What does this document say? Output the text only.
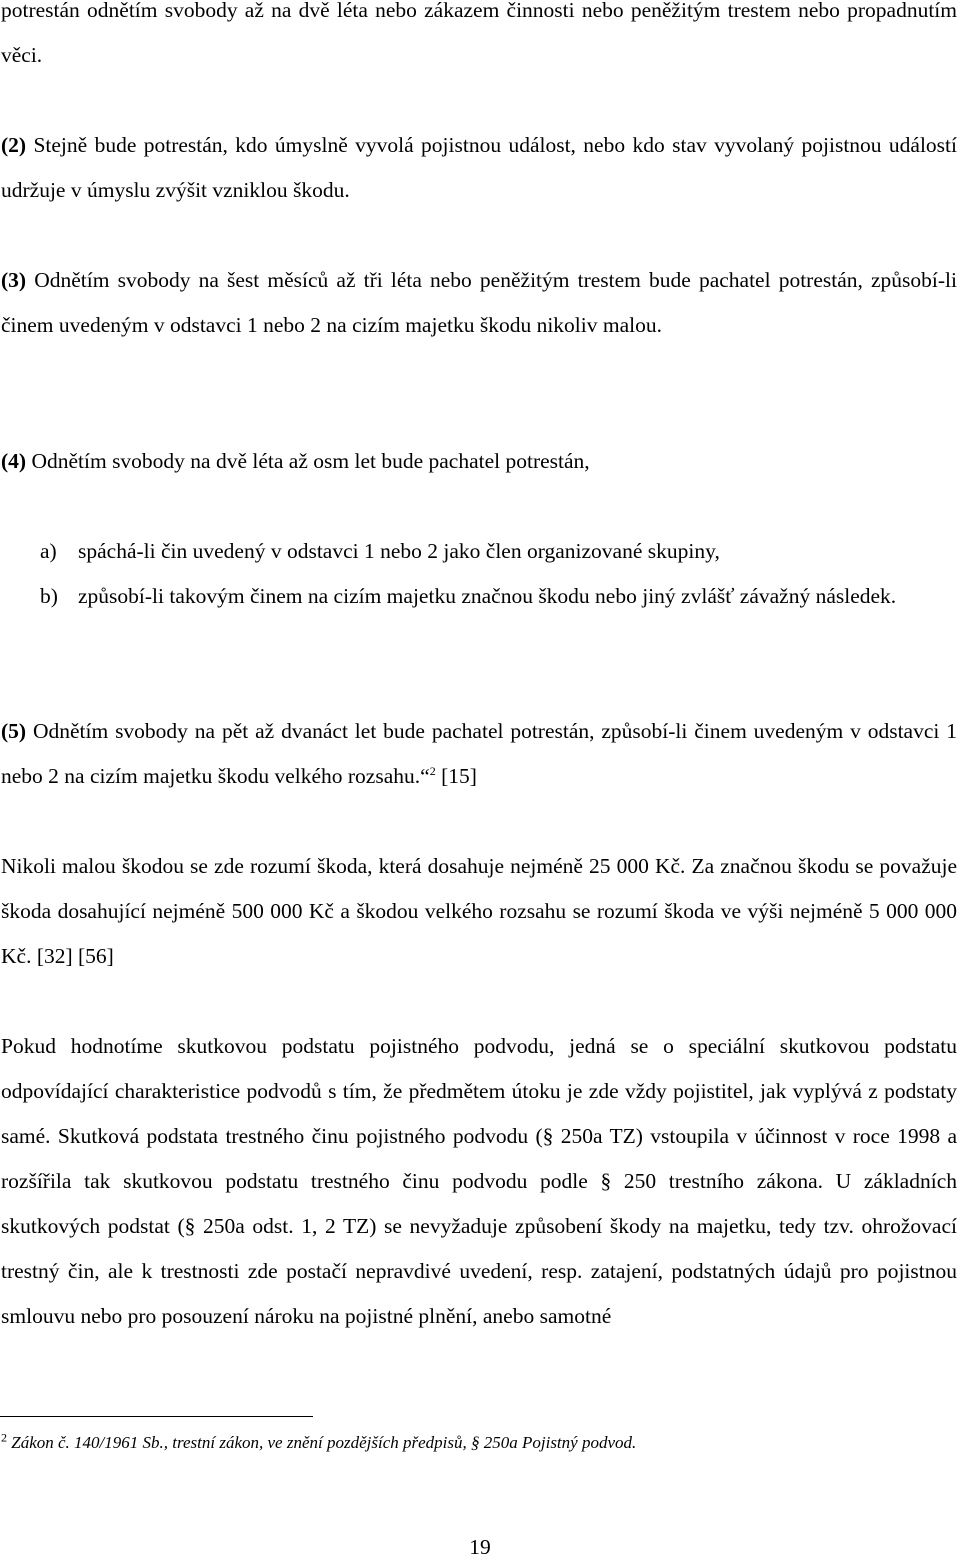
potrestán odnětím svobody až na dvě léta nebo zákazem činnosti nebo peněžitým trestem nebo propadnutím věci.

(2) Stejně bude potrestán, kdo úmyslně vyvolá pojistnou událost, nebo kdo stav vyvolaný pojistnou událostí udržuje v úmyslu zvýšit vzniklou škodu.

(3) Odnětím svobody na šest měsíců až tři léta nebo peněžitým trestem bude pachatel potrestán, způsobí-li činem uvedeným v odstavci 1 nebo 2 na cizím majetku škodu nikoliv malou.

(4) Odnětím svobody na dvě léta až osm let bude pachatel potrestán,

a) spáchá-li čin uvedený v odstavci 1 nebo 2 jako člen organizované skupiny,
b) způsobí-li takovým činem na cizím majetku značnou škodu nebo jiný zvlášť závažný následek.

(5) Odnětím svobody na pět až dvanáct let bude pachatel potrestán, způsobí-li činem uvedeným v odstavci 1 nebo 2 na cizím majetku škodu velkého rozsahu.“$^2$ [15]

Nikoli malou škodou se zde rozumí škoda, která dosahuje nejméně 25 000 Kč. Za značnou škodu se považuje škoda dosahující nejméně 500 000 Kč a škodou velkého rozsahu se rozumí škoda ve výši nejméně 5 000 000 Kč. [32] [56]

Pokud hodnotíme skutkovou podstatu pojistného podvodu, jedná se o speciální skutkovou podstatu odpovídající charakteristice podvodů s tím, že předmětem útoku je zde vždy pojistitel, jak vyplývá z podstaty samé. Skutková podstata trestného činu pojistného podvodu (§ 250a TZ) vstoupila v účinnost v roce 1998 a rozšířila tak skutkovou podstatu trestného činu podvodu podle § 250 trestního zákona. U základních skutkových podstat (§ 250a odst. 1, 2 TZ) se nevyžaduje způsobení škody na majetku, tedy tzv. ohrožovací trestný čin, ale k trestnosti zde postačí nepravdivé uvedení, resp. zatajení, podstatných údajů pro pojistnou smlouvu nebo pro posouzení nároku na pojistné plnění, anebo samotné

$^2$ Zákon č. 140/1961 Sb., trestní zákon, ve znění pozdějších předpisů, § 250a Pojistný podvod.

19
